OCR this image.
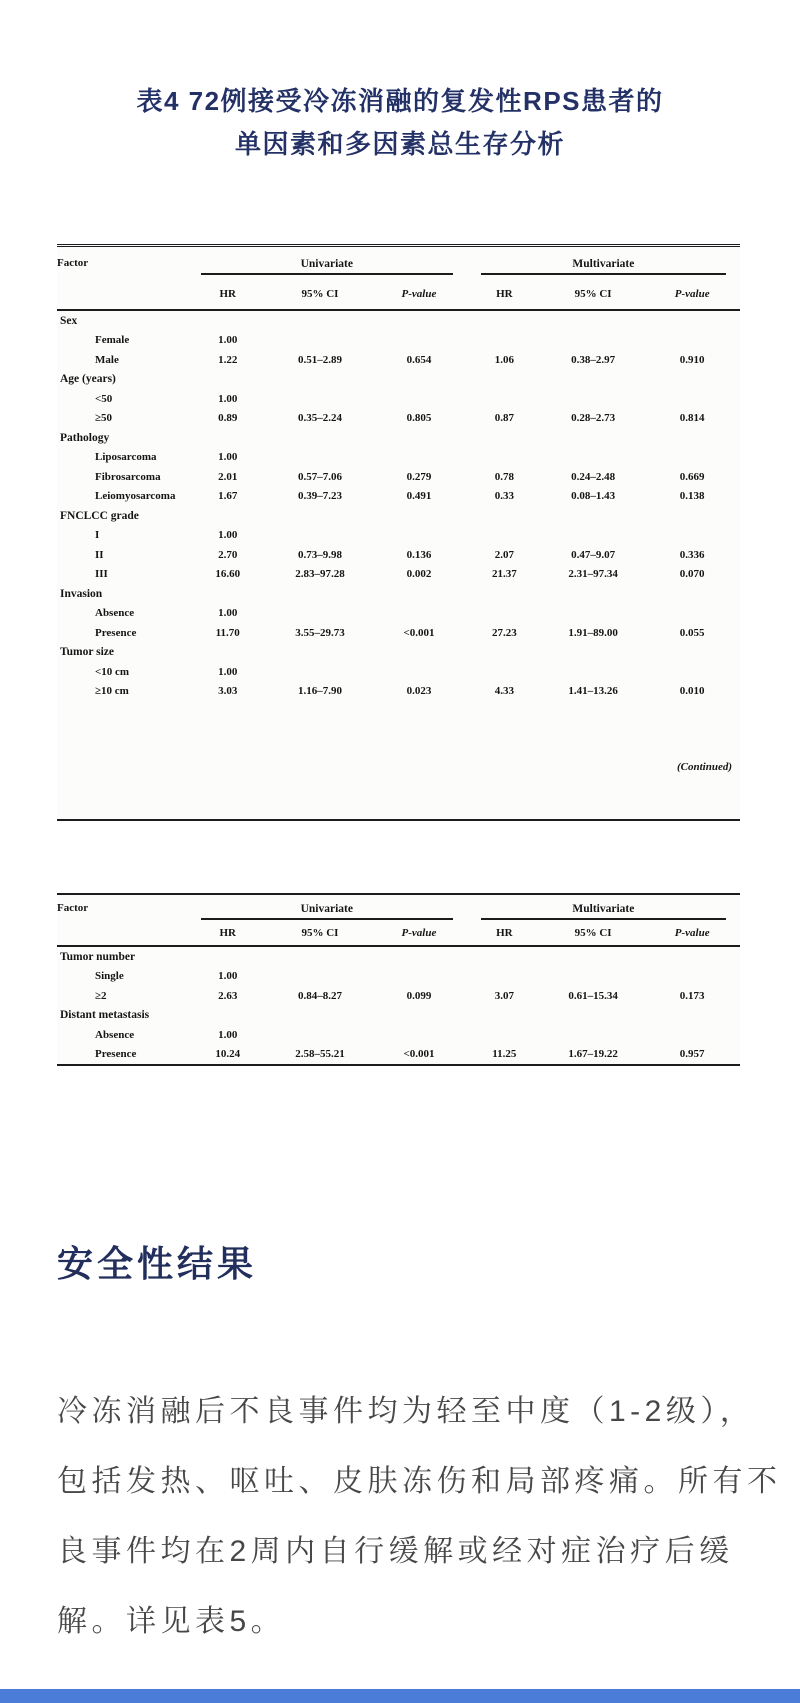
表4 72例接受冷冻消融的复发性RPS患者的
单因素和多因素总生存分析
Factor	Univariate			Multivariate		

	HR	95% CI	P-value	HR	95% CI	P-value
Sex						
Female	1.00					
Male	1.22	0.51–2.89	0.654	1.06	0.38–2.97	0.910
Age (years)						
<50	1.00					
≥50	0.89	0.35–2.24	0.805	0.87	0.28–2.73	0.814
Pathology						
Liposarcoma	1.00					
Fibrosarcoma	2.01	0.57–7.06	0.279	0.78	0.24–2.48	0.669
Leiomyosarcoma	1.67	0.39–7.23	0.491	0.33	0.08–1.43	0.138
FNCLCC grade						
I	1.00					
II	2.70	0.73–9.98	0.136	2.07	0.47–9.07	0.336
III	16.60	2.83–97.28	0.002	21.37	2.31–97.34	0.070
Invasion						
Absence	1.00					
Presence	11.70	3.55–29.73	<0.001	27.23	1.91–89.00	0.055
Tumor size						
<10 cm	1.00					
≥10 cm	3.03	1.16–7.90	0.023	4.33	1.41–13.26	0.010
(Continued)
Factor	Univariate			Multivariate		

	HR	95% CI	P-value	HR	95% CI	P-value
Tumor number						
Single	1.00					
≥2	2.63	0.84–8.27	0.099	3.07	0.61–15.34	0.173
Distant metastasis						
Absence	1.00					
Presence	10.24	2.58–55.21	<0.001	11.25	1.67–19.22	0.957
安全性结果
冷冻消融后不良事件均为轻至中度（1-2级），
包括发热、呕吐、皮肤冻伤和局部疼痛。所有不
良事件均在2周内自行缓解或经对症治疗后缓
解。详见表5。
